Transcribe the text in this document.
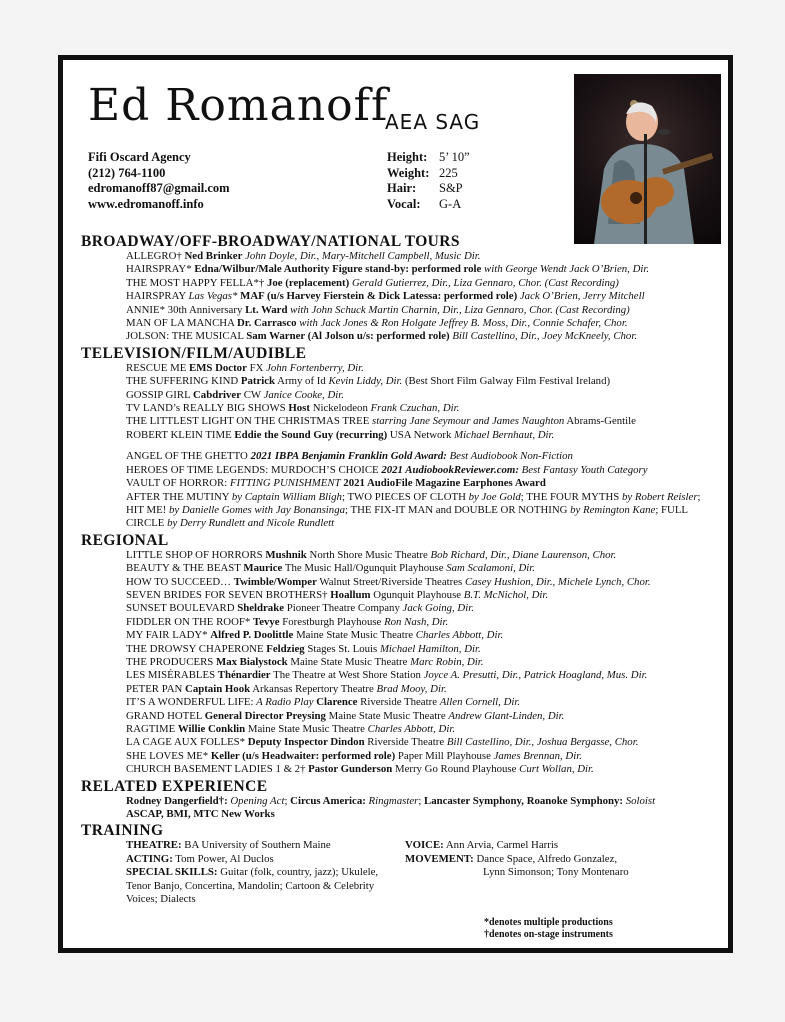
Ed Romanoff
AEA SAG
Fifi Oscard Agency
(212) 764-1100
edromanoff87@gmail.com
www.edromanoff.info
Height: 5’ 10”
Weight: 225
Hair:	S&P
Vocal:	G-A
BROADWAY/OFF-BROADWAY/NATIONAL TOURS
ALLEGRO† Ned Brinker John Doyle, Dir., Mary-Mitchell Campbell, Music Dir.
HAIRSPRAY* Edna/Wilbur/Male Authority Figure stand-by: performed role with George Wendt Jack O’Brien, Dir.
THE MOST HAPPY FELLA*† Joe (replacement) Gerald Gutierrez, Dir., Liza Gennaro, Chor. (Cast Recording)
HAIRSPRAY Las Vegas* MAF (u/s Harvey Fierstein & Dick Latessa: performed role) Jack O’Brien, Jerry Mitchell
ANNIE* 30th Anniversary Lt. Ward with John Schuck Martin Charnin, Dir., Liza Gennaro, Chor. (Cast Recording)
MAN OF LA MANCHA Dr. Carrasco with Jack Jones & Ron Holgate Jeffrey B. Moss, Dir., Connie Schafer, Chor.
JOLSON: THE MUSICAL Sam Warner (Al Jolson u/s: performed role) Bill Castellino, Dir., Joey McKneely, Chor.
TELEVISION/FILM/AUDIBLE
RESCUE ME EMS Doctor FX John Fortenberry, Dir.
THE SUFFERING KIND Patrick Army of Id Kevin Liddy, Dir. (Best Short Film Galway Film Festival Ireland)
GOSSIP GIRL Cabdriver CW Janice Cooke, Dir.
TV LAND’s REALLY BIG SHOWS Host Nickelodeon Frank Czuchan, Dir.
THE LITTLEST LIGHT ON THE CHRISTMAS TREE starring Jane Seymour and James Naughton Abrams-Gentile
ROBERT KLEIN TIME Eddie the Sound Guy (recurring) USA Network Michael Bernhaut, Dir.
ANGEL OF THE GHETTO 2021 IBPA Benjamin Franklin Gold Award: Best Audiobook Non-Fiction
HEROES OF TIME LEGENDS: MURDOCH’S CHOICE 2021 AudiobookReviewer.com: Best Fantasy Youth Category
VAULT OF HORROR: FITTING PUNISHMENT 2021 AudioFile Magazine Earphones Award
AFTER THE MUTINY by Captain William Bligh; TWO PIECES OF CLOTH by Joe Gold; THE FOUR MYTHS by Robert Reisler; HIT ME! by Danielle Gomes with Jay Bonansinga; THE FIX-IT MAN and DOUBLE OR NOTHING by Remington Kane; FULL CIRCLE by Derry Rundlett and Nicole Rundlett
REGIONAL
LITTLE SHOP OF HORRORS Mushnik North Shore Music Theatre Bob Richard, Dir., Diane Laurenson, Chor.
BEAUTY & THE BEAST Maurice The Music Hall/Ogunquit Playhouse Sam Scalamoni, Dir.
HOW TO SUCCEED… Twimble/Womper Walnut Street/Riverside Theatres Casey Hushion, Dir., Michele Lynch, Chor.
SEVEN BRIDES FOR SEVEN BROTHERS† Hoallum Ogunquit Playhouse B.T. McNichol, Dir.
SUNSET BOULEVARD Sheldrake Pioneer Theatre Company Jack Going, Dir.
FIDDLER ON THE ROOF* Tevye Forestburgh Playhouse Ron Nash, Dir.
MY FAIR LADY* Alfred P. Doolittle Maine State Music Theatre Charles Abbott, Dir.
THE DROWSY CHAPERONE Feldzieg Stages St. Louis Michael Hamilton, Dir.
THE PRODUCERS Max Bialystock Maine State Music Theatre Marc Robin, Dir.
LES MISÉRABLES Thénardier The Theatre at West Shore Station Joyce A. Presutti, Dir., Patrick Hoagland, Mus. Dir.
PETER PAN Captain Hook Arkansas Repertory Theatre Brad Mooy, Dir.
IT’S A WONDERFUL LIFE: A Radio Play Clarence Riverside Theatre Allen Cornell, Dir.
GRAND HOTEL General Director Preysing Maine State Music Theatre Andrew Glant-Linden, Dir.
RAGTIME Willie Conklin Maine State Music Theatre Charles Abbott, Dir.
LA CAGE AUX FOLLES* Deputy Inspector Dindon Riverside Theatre Bill Castellino, Dir., Joshua Bergasse, Chor.
SHE LOVES ME* Keller (u/s Headwaiter: performed role) Paper Mill Playhouse James Brennan, Dir.
CHURCH BASEMENT LADIES 1 & 2† Pastor Gunderson Merry Go Round Playhouse Curt Wollan, Dir.
RELATED EXPERIENCE
Rodney Dangerfield†: Opening Act; Circus America: Ringmaster; Lancaster Symphony, Roanoke Symphony: Soloist
ASCAP, BMI, MTC New Works
TRAINING
THEATRE: BA University of Southern Maine
ACTING: Tom Power, Al Duclos
SPECIAL SKILLS: Guitar (folk, country, jazz); Ukulele, Tenor Banjo, Concertina, Mandolin; Cartoon & Celebrity Voices; Dialects
VOICE: Ann Arvia, Carmel Harris
MOVEMENT: Dance Space, Alfredo Gonzalez,
Lynn Simonson; Tony Montenaro
*denotes multiple productions
†denotes on-stage instruments
